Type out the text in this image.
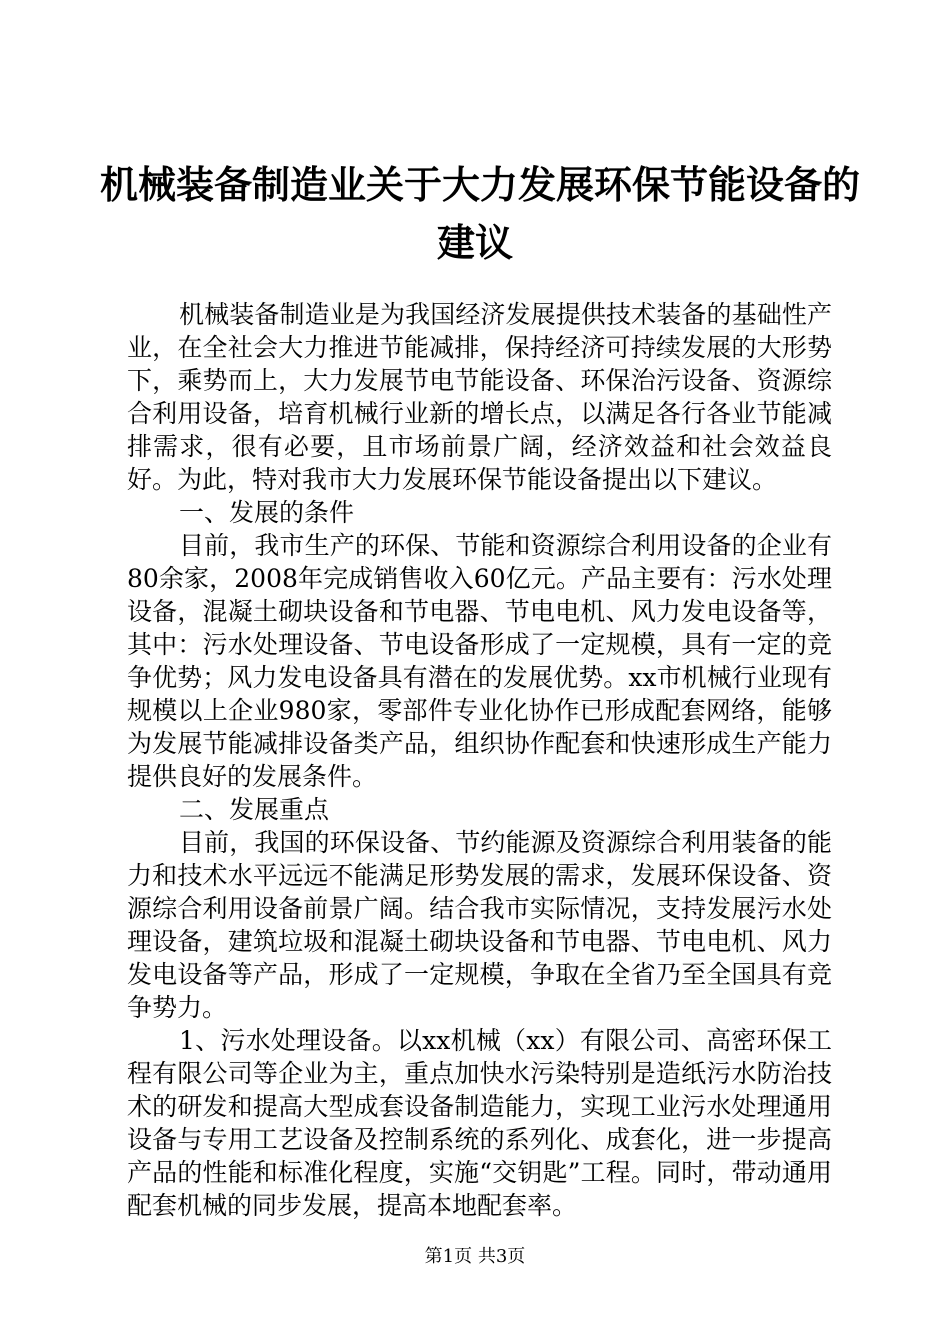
机械装备制造业关于大力发展环保节能设备的
建议

机械装备制造业是为我国经济发展提供技术装备的基础性产业，在全社会大力推进节能减排，保持经济可持续发展的大形势下，乘势而上，大力发展节电节能设备、环保治污设备、资源综合利用设备，培育机械行业新的增长点，以满足各行各业节能减排需求，很有必要，且市场前景广阔，经济效益和社会效益良好。为此，特对我市大力发展环保节能设备提出以下建议。

一、发展的条件

目前，我市生产的环保、节能和资源综合利用设备的企业有80余家，2008年完成销售收入60亿元。产品主要有：污水处理设备，混凝土砌块设备和节电器、节电电机、风力发电设备等，其中：污水处理设备、节电设备形成了一定规模，具有一定的竞争优势；风力发电设备具有潜在的发展优势。xx市机械行业现有规模以上企业980家，零部件专业化协作已形成配套网络，能够为发展节能减排设备类产品，组织协作配套和快速形成生产能力提供良好的发展条件。

二、发展重点

目前，我国的环保设备、节约能源及资源综合利用装备的能力和技术水平远远不能满足形势发展的需求，发展环保设备、资源综合利用设备前景广阔。结合我市实际情况，支持发展污水处理设备，建筑垃圾和混凝土砌块设备和节电器、节电电机、风力发电设备等产品，形成了一定规模，争取在全省乃至全国具有竞争势力。

1、污水处理设备。以xx机械（xx）有限公司、高密环保工程有限公司等企业为主，重点加快水污染特别是造纸污水防治技术的研发和提高大型成套设备制造能力，实现工业污水处理通用设备与专用工艺设备及控制系统的系列化、成套化，进一步提高产品的性能和标准化程度，实施“交钥匙”工程。同时，带动通用配套机械的同步发展，提高本地配套率。

第1页 共3页
